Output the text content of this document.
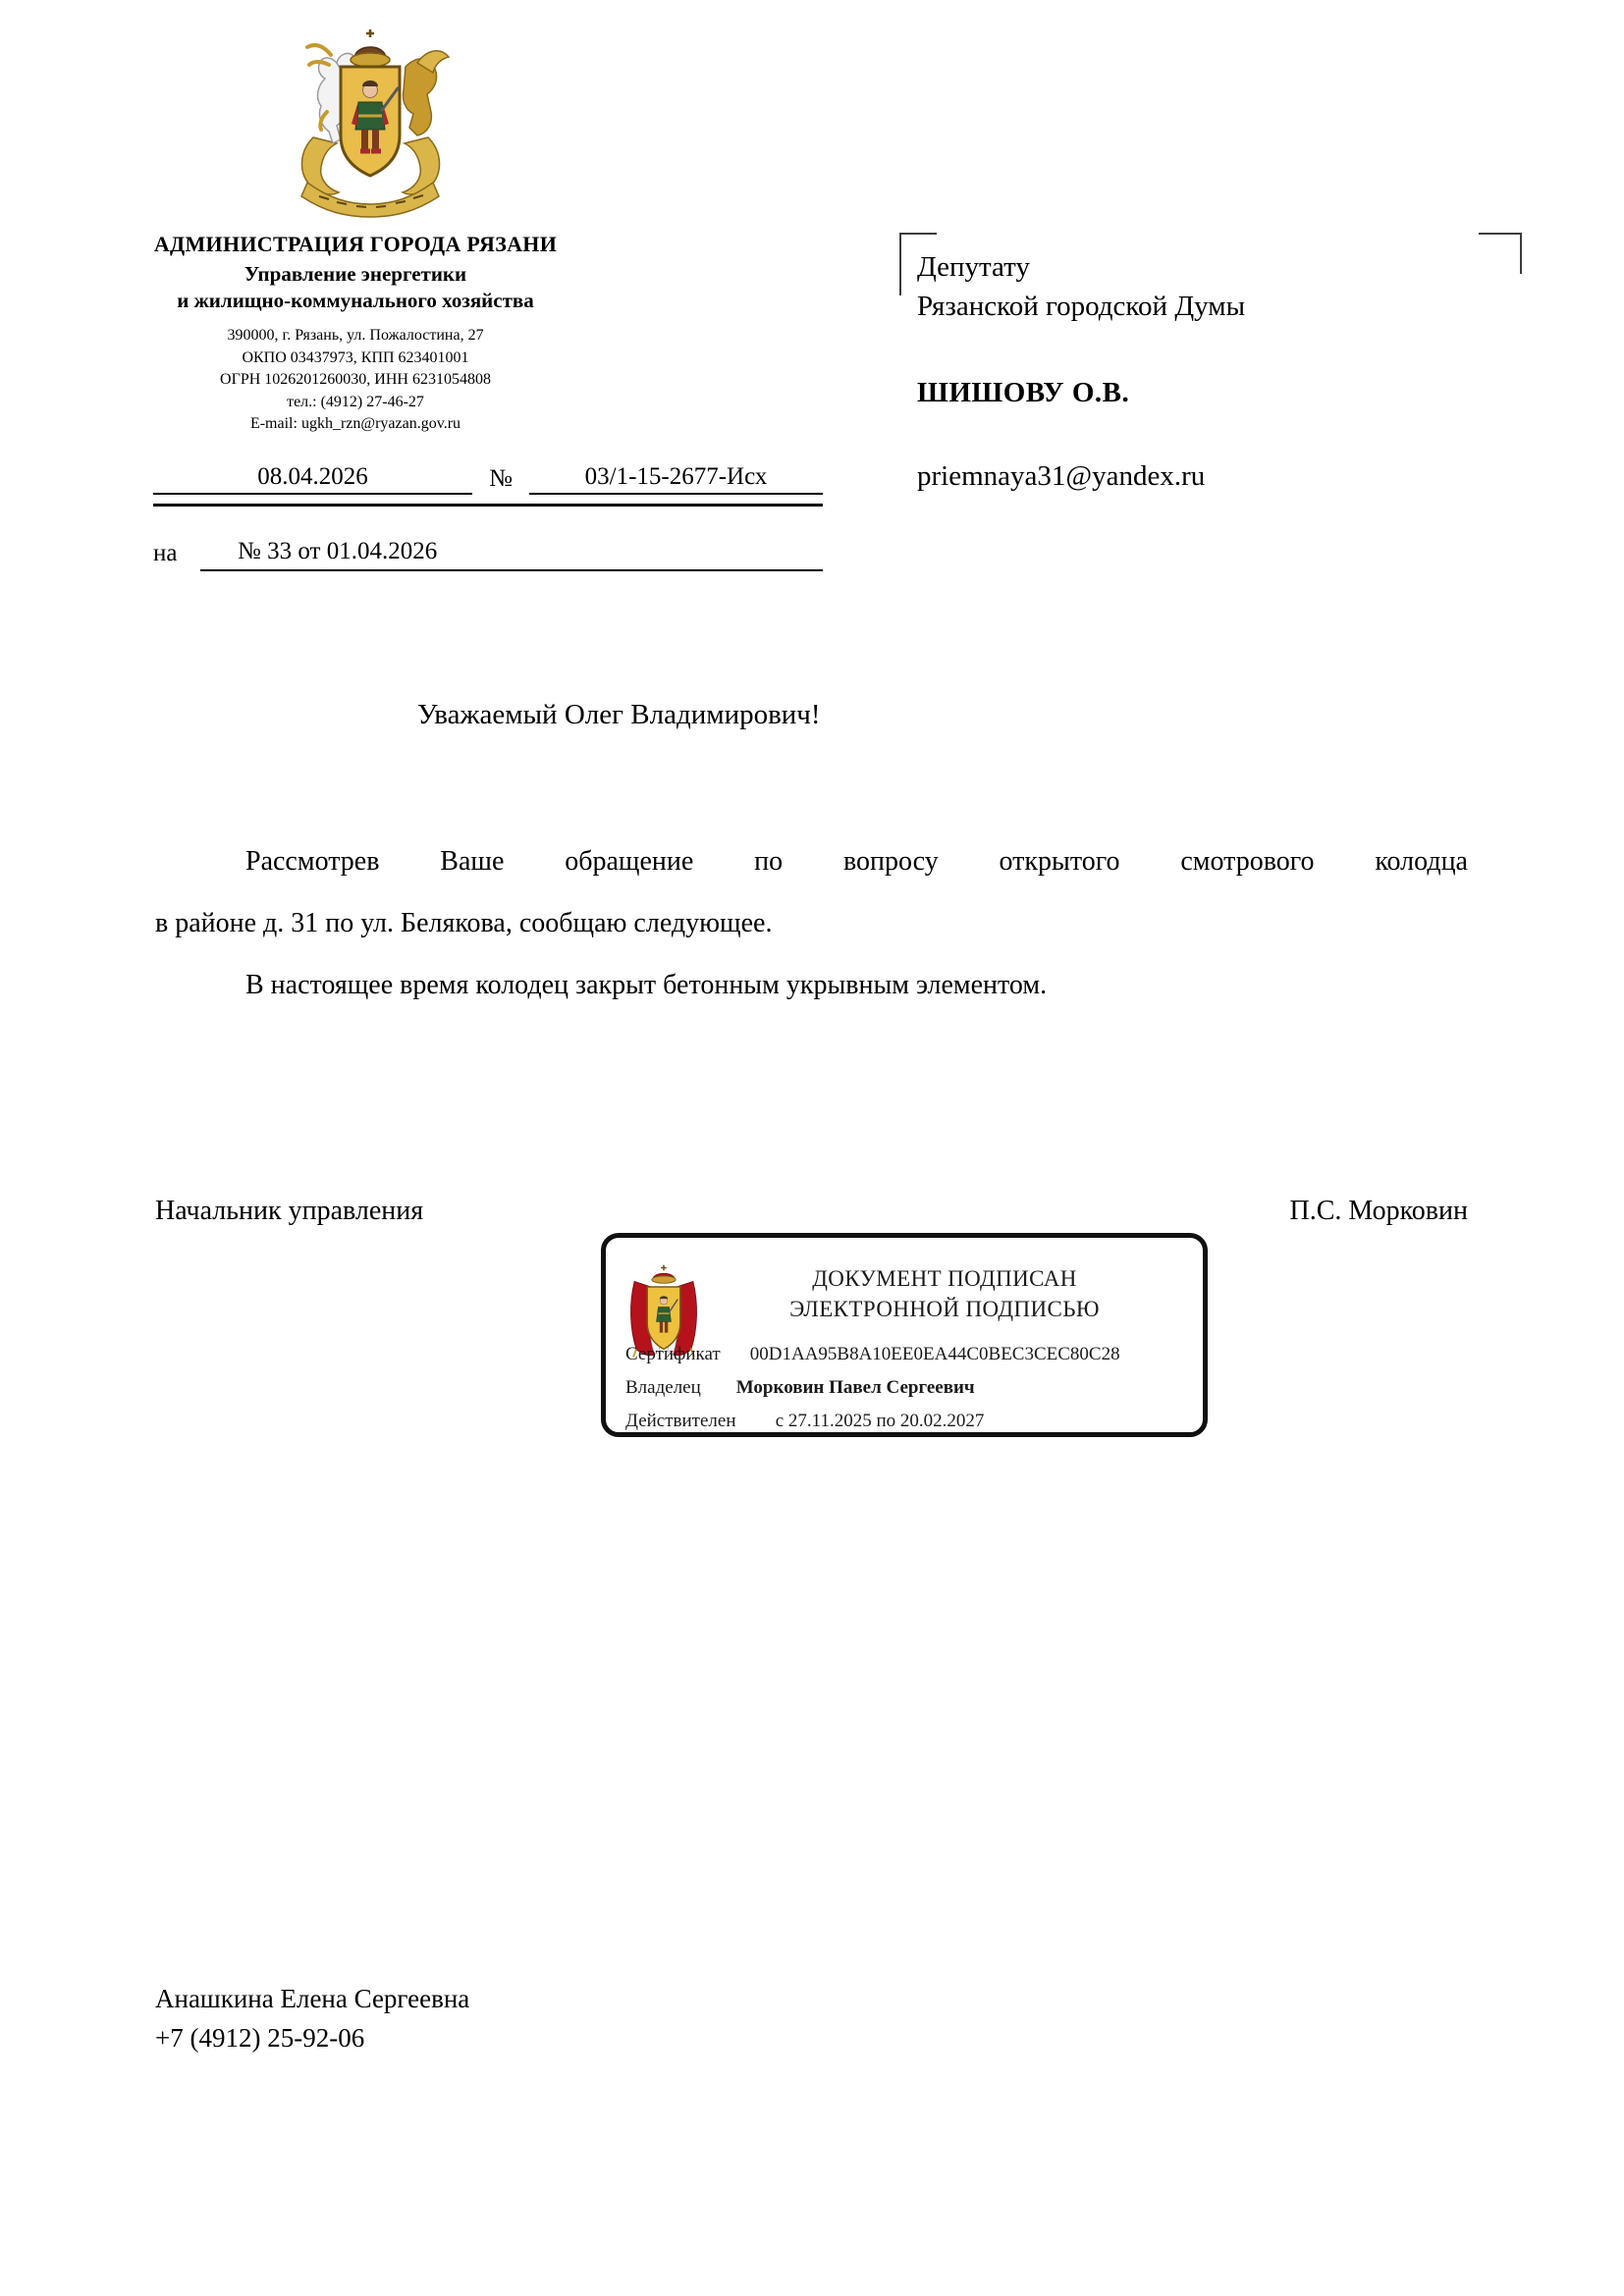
АДМИНИСТРАЦИЯ ГОРОДА РЯЗАНИ
Управление энергетики
и жилищно-коммунального хозяйства
390000, г. Рязань, ул. Пожалостина, 27
ОКПО 03437973, КПП 623401001
ОГРН 1026201260030, ИНН 6231054808
тел.: (4912) 27-46-27
E-mail: ugkh_rzn@ryazan.gov.ru
08.04.2026	№	03/1-15-2677-Исх
на	№ 33 от 01.04.2026
Депутату
Рязанской городской Думы
ШИШОВУ О.В.
priemnaya31@yandex.ru
Уважаемый Олег Владимирович!
Рассмотрев Ваше обращение по вопросу открытого смотрового колодца
в районе д. 31 по ул. Белякова, сообщаю следующее.
В настоящее время колодец закрыт бетонным укрывным элементом.
Начальник управления	П.С. Морковин
ДОКУМЕНТ ПОДПИСАН
ЭЛЕКТРОННОЙ ПОДПИСЬЮ
Сертификат 00D1AA95B8A10EE0EA44C0BEC3CEC80C28
Владелец Морковин Павел Сергеевич
Действителен с 27.11.2025 по 20.02.2027
Анашкина Елена Сергеевна
+7 (4912) 25-92-06
